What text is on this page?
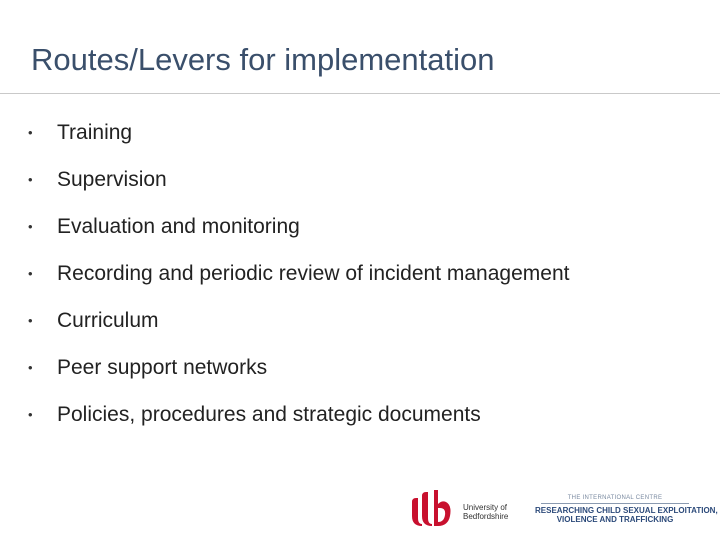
Routes/Levers for implementation
•	Training
•	Supervision
•	Evaluation and monitoring
•	Recording and periodic review of incident management
•	Curriculum
•	Peer support networks
•	Policies, procedures and strategic documents
University of
Bedfordshire
THE INTERNATIONAL CENTRE
RESEARCHING CHILD SEXUAL EXPLOITATION,
VIOLENCE AND TRAFFICKING
